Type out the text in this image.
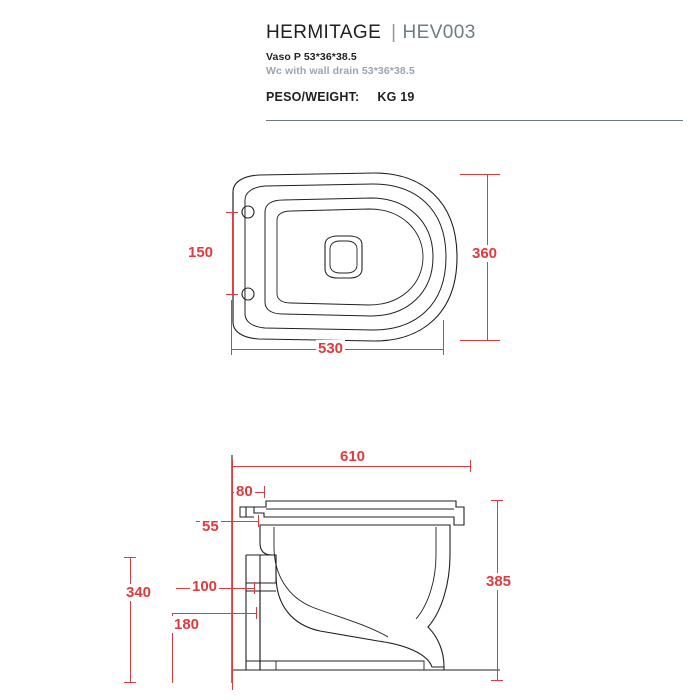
HERMITAGE | HEV003
Vaso P 53*36*38.5
Wc with wall drain 53*36*38.5
PESO/WEIGHT: KG 19
150	360
530
610
385
340
80
55
100
180
